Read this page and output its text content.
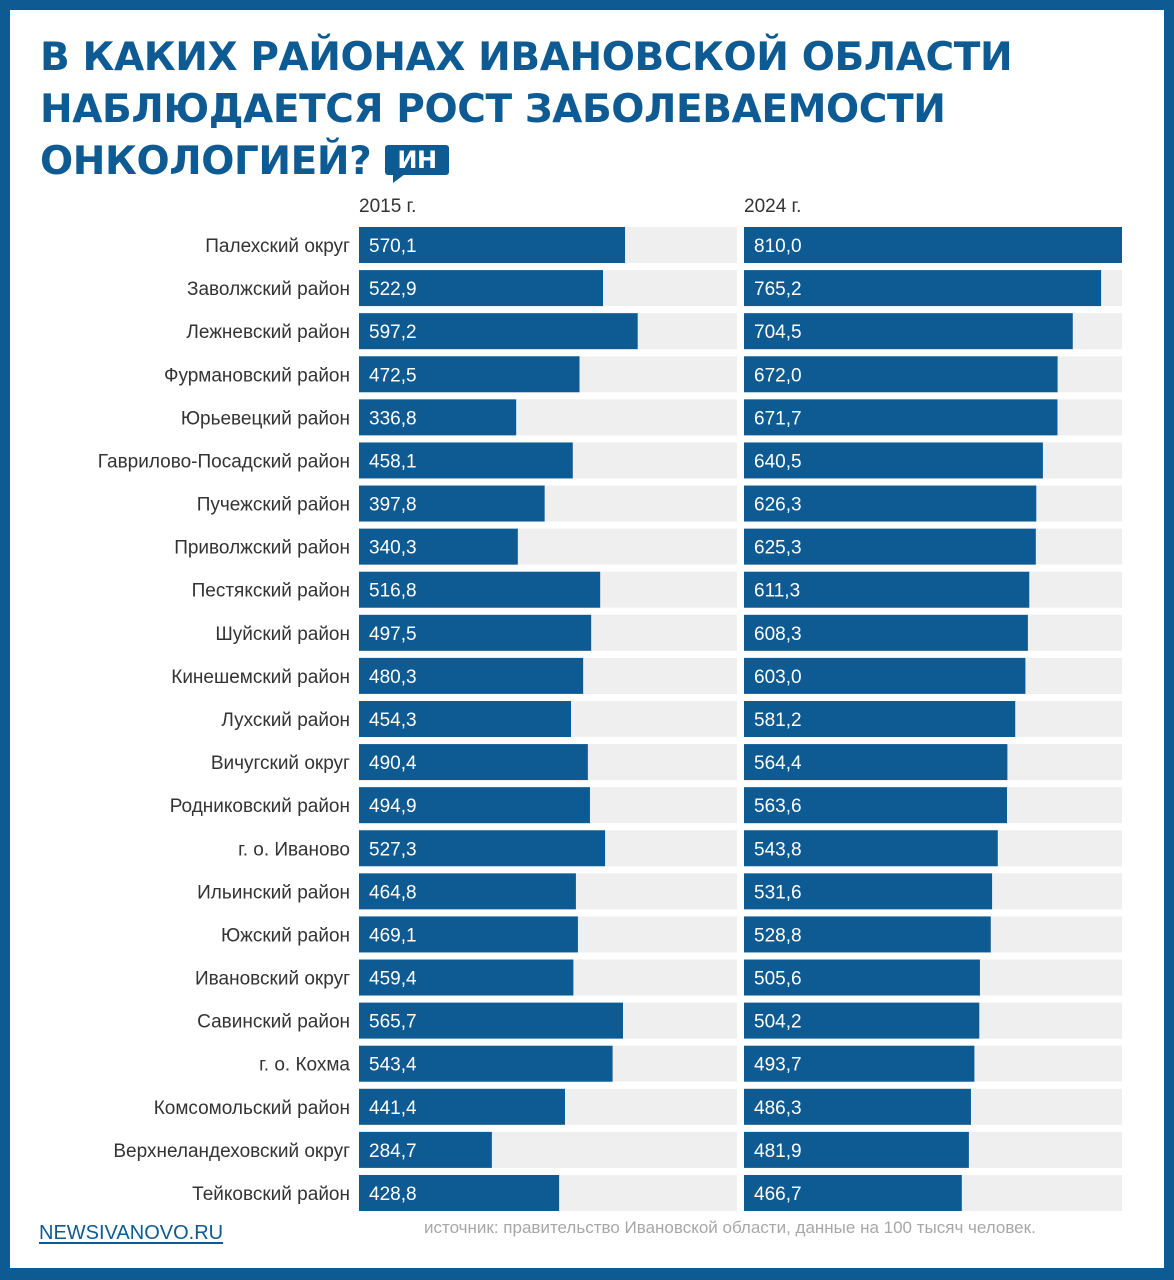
В КАКИХ РАЙОНАХ ИВАНОВСКОЙ ОБЛАСТИ
НАБЛЮДАЕТСЯ РОСТ ЗАБОЛЕВАЕМОСТИ
ОНКОЛОГИЕЙ? ИН
2015 г.	2024 г.
Палехский округ 570,1	810,0
Заволжский район 522,9	765,2
Лежневский район 597,2	704,5
Фурмановский район 472,5	672,0
Юрьевецкий район 336,8	671,7
Гаврилово-Посадский район 458,1	640,5
Пучежский район 397,8	626,3
Приволжский район 340,3	625,3
Пестякский район 516,8	611,3
Шуйский район 497,5	608,3
Кинешемский район 480,3	603,0
Лухский район 454,3	581,2
Вичугский округ 490,4	564,4
Родниковский район 494,9	563,6
г. о. Иваново 527,3	543,8
Ильинский район 464,8	531,6
Южский район 469,1	528,8
Ивановский округ 459,4	505,6
Савинский район 565,7	504,2
г. о. Кохма 543,4	493,7
Комсомольский район 441,4	486,3
Верхнеландеховский округ 284,7	481,9
Тейковский район 428,8	466,7
NEWSIVANOVO.RU	источник: правительство Ивановской области, данные на 100 тысяч человек.
